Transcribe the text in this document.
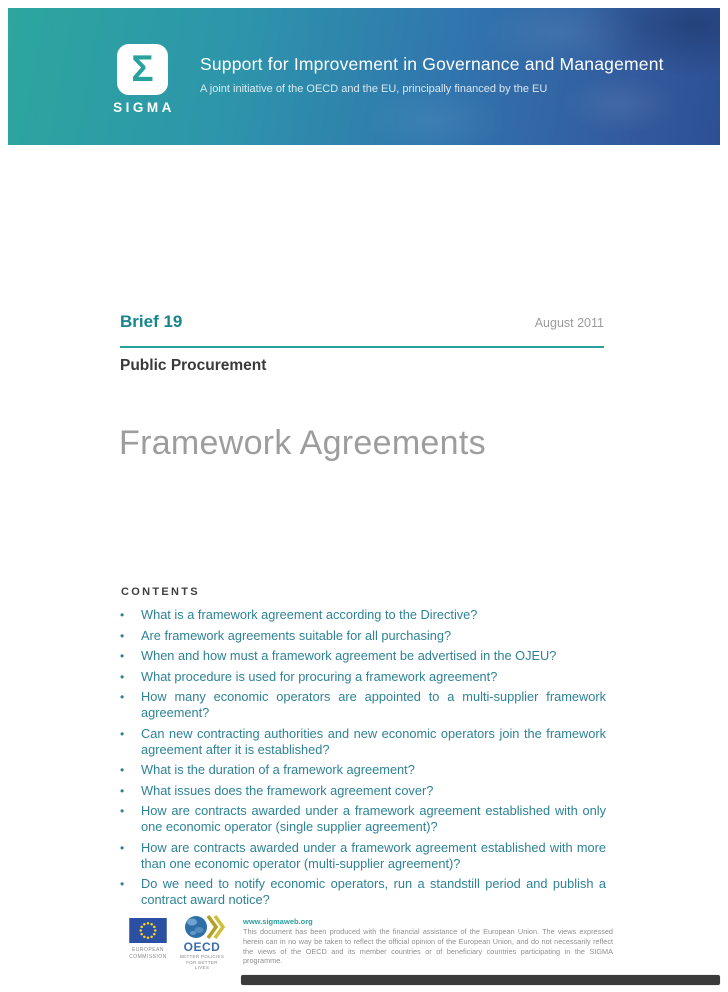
Σ
SIGMA
Support for Improvement in Governance and Management
A joint initiative of the OECD and the EU, principally financed by the EU
Brief 19	August 2011
Public Procurement
Framework Agreements
CONTENTS
•	What is a framework agreement according to the Directive?
•	Are framework agreements suitable for all purchasing?
•	When and how must a framework agreement be advertised in the OJEU?
•	What procedure is used for procuring a framework agreement?
•	How many economic operators are appointed to a multi-supplier framework agreement?
•	Can new contracting authorities and new economic operators join the framework agreement after it is established?
•	What is the duration of a framework agreement?
•	What issues does the framework agreement cover?
•	How are contracts awarded under a framework agreement established with only one economic operator (single supplier agreement)?
•	How are contracts awarded under a framework agreement established with more than one economic operator (multi-supplier agreement)?
•	Do we need to notify economic operators, run a standstill period and publish a contract award notice?
EUROPEAN COMMISSION
OECD
BETTER POLICIES FOR BETTER LIVES
www.sigmaweb.org
This document has been produced with the financial assistance of the European Union. The views expressed herein can in no way be taken to reflect the official opinion of the European Union, and do not necessarily reflect the views of the OECD and its member countries or of beneficiary countries participating in the SIGMA programme.
